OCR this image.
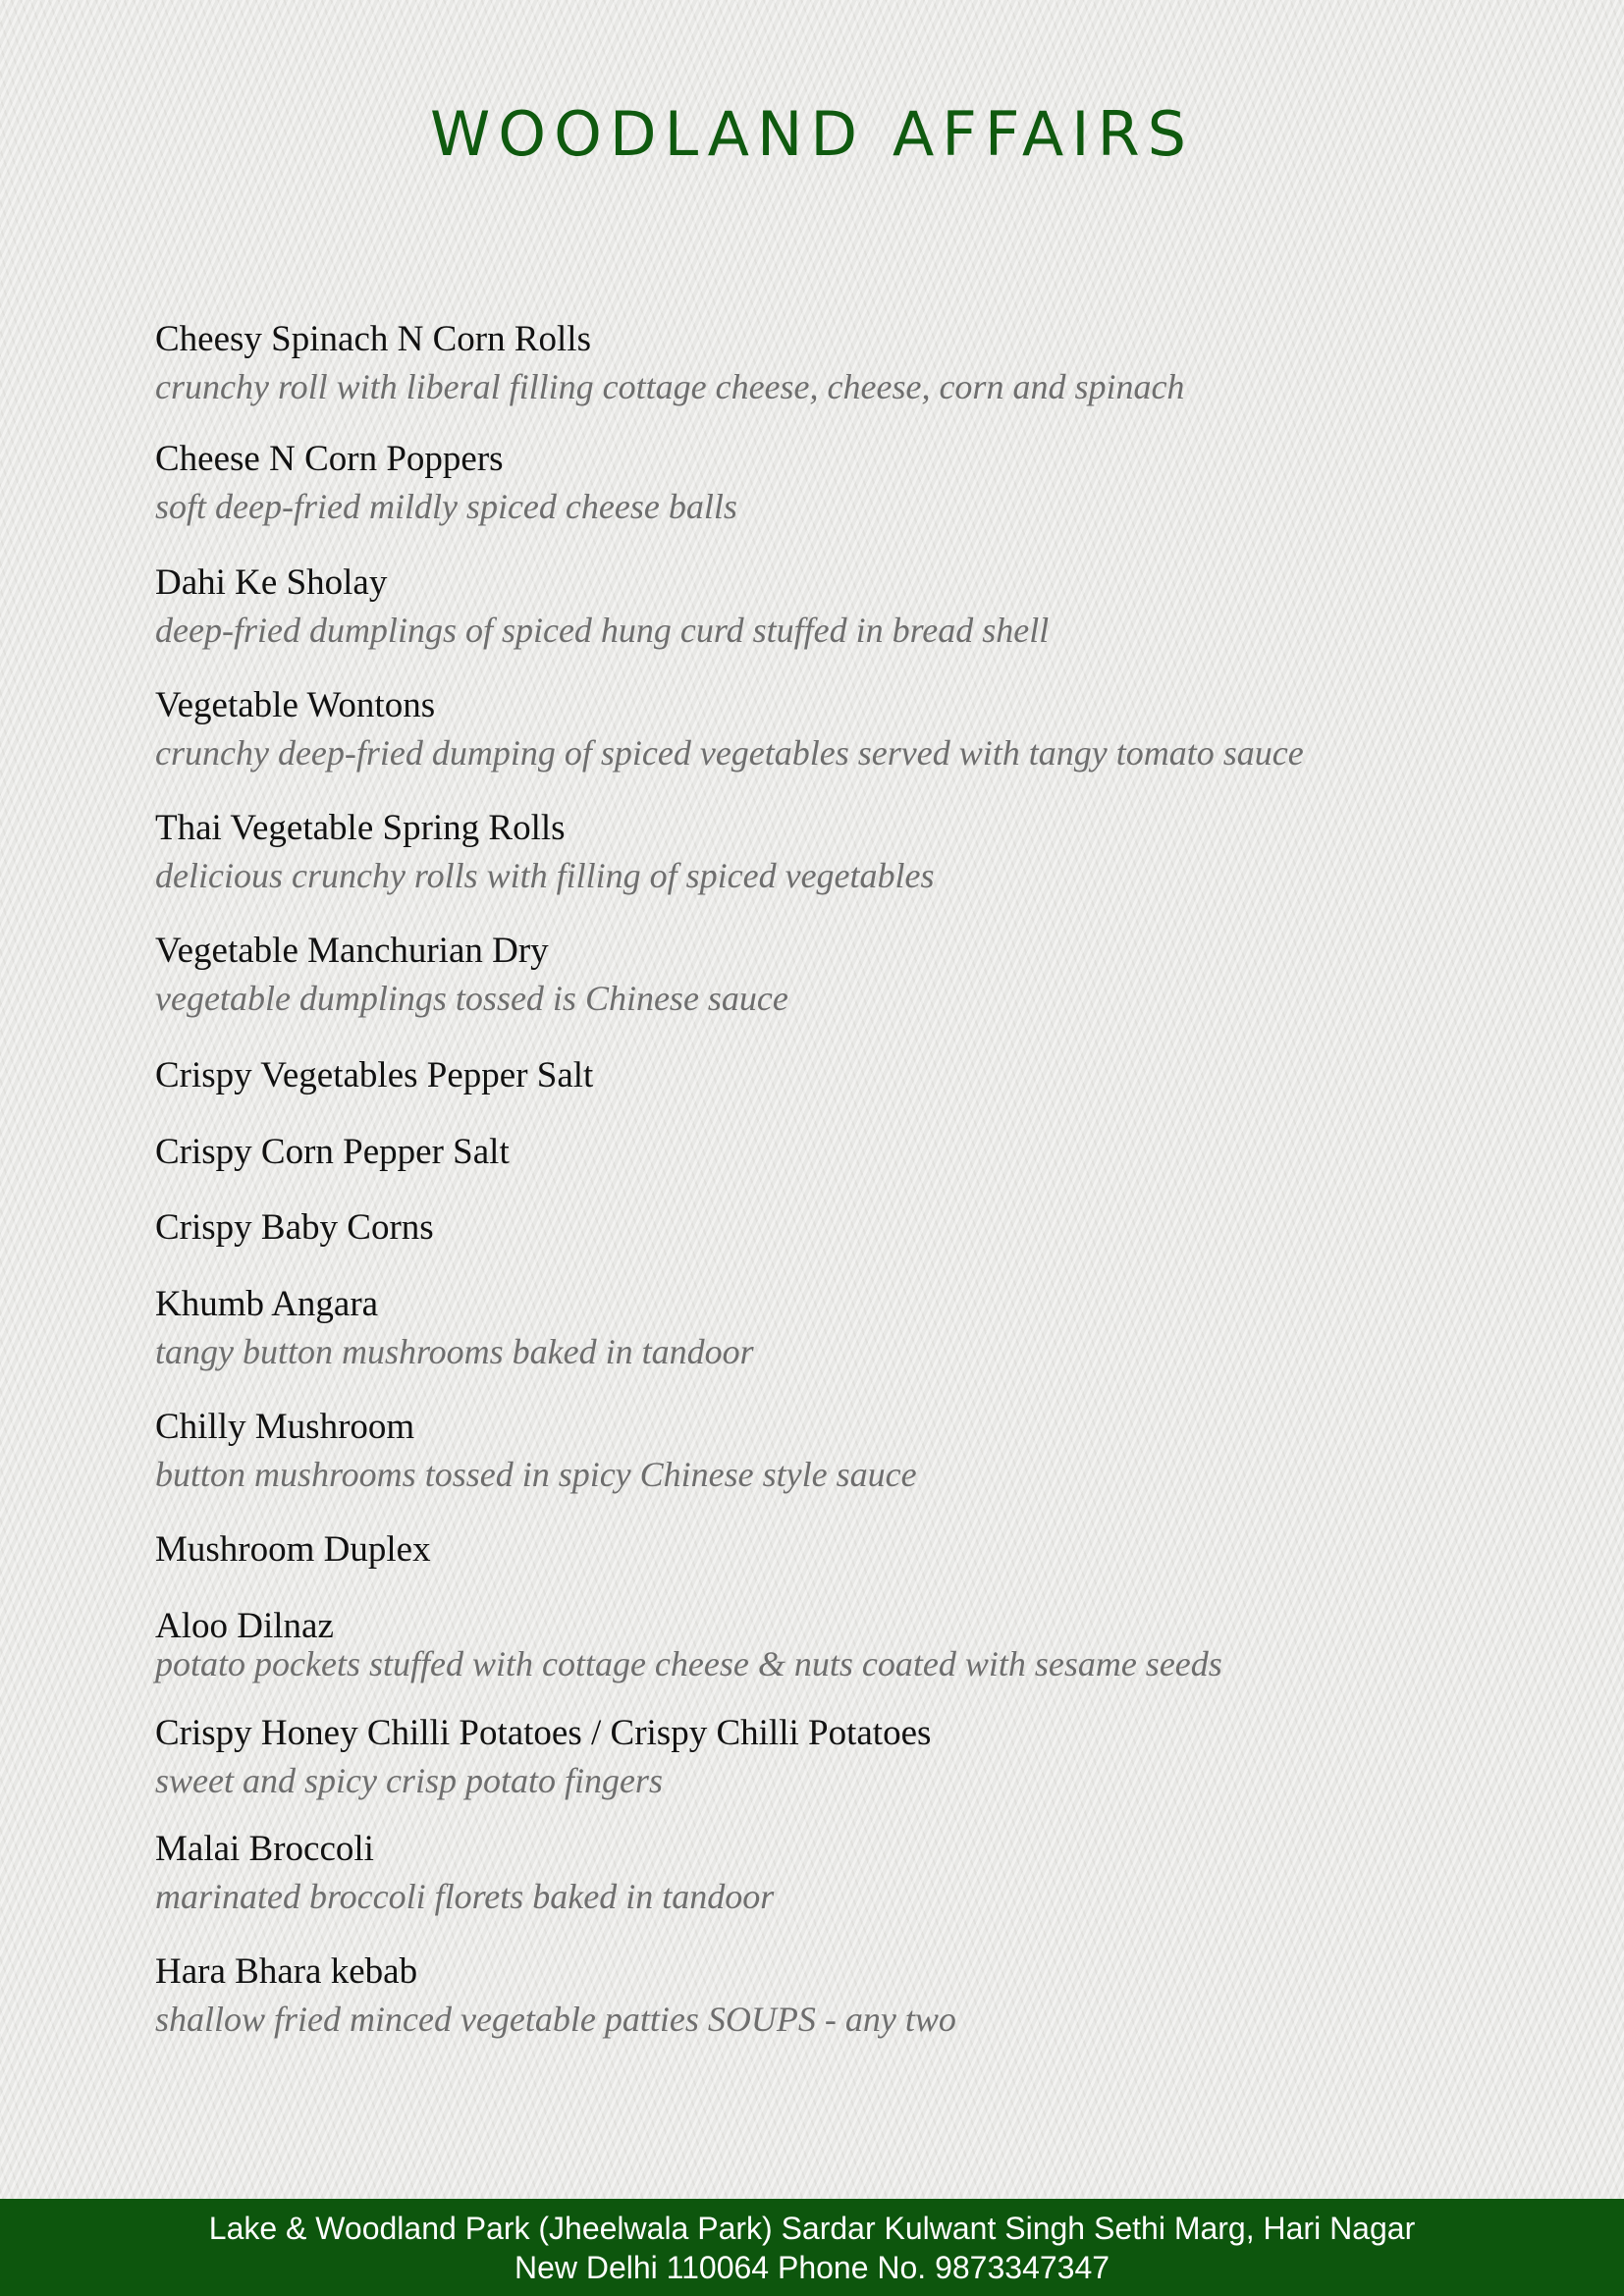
WOODLAND AFFAIRS
Cheesy Spinach N Corn Rolls
crunchy roll with liberal filling cottage cheese, cheese, corn and spinach
Cheese N Corn Poppers
soft deep-fried mildly spiced cheese balls
Dahi Ke Sholay
deep-fried dumplings of spiced hung curd stuffed in bread shell
Vegetable Wontons
crunchy deep-fried dumping of spiced vegetables served with tangy tomato sauce
Thai Vegetable Spring Rolls
delicious crunchy rolls with filling of spiced vegetables
Vegetable Manchurian Dry
vegetable dumplings tossed is Chinese sauce
Crispy Vegetables Pepper Salt
Crispy Corn Pepper Salt
Crispy Baby Corns
Khumb Angara
tangy button mushrooms baked in tandoor
Chilly Mushroom
button mushrooms tossed in spicy Chinese style sauce
Mushroom Duplex
Aloo Dilnaz
potato pockets stuffed with cottage cheese & nuts coated with sesame seeds
Crispy Honey Chilli Potatoes / Crispy Chilli Potatoes
sweet and spicy crisp potato fingers
Malai Broccoli
marinated broccoli florets baked in tandoor
Hara Bhara kebab
shallow fried minced vegetable patties SOUPS - any two
Lake & Woodland Park (Jheelwala Park) Sardar Kulwant Singh Sethi Marg, Hari Nagar
New Delhi 110064 Phone No. 9873347347
